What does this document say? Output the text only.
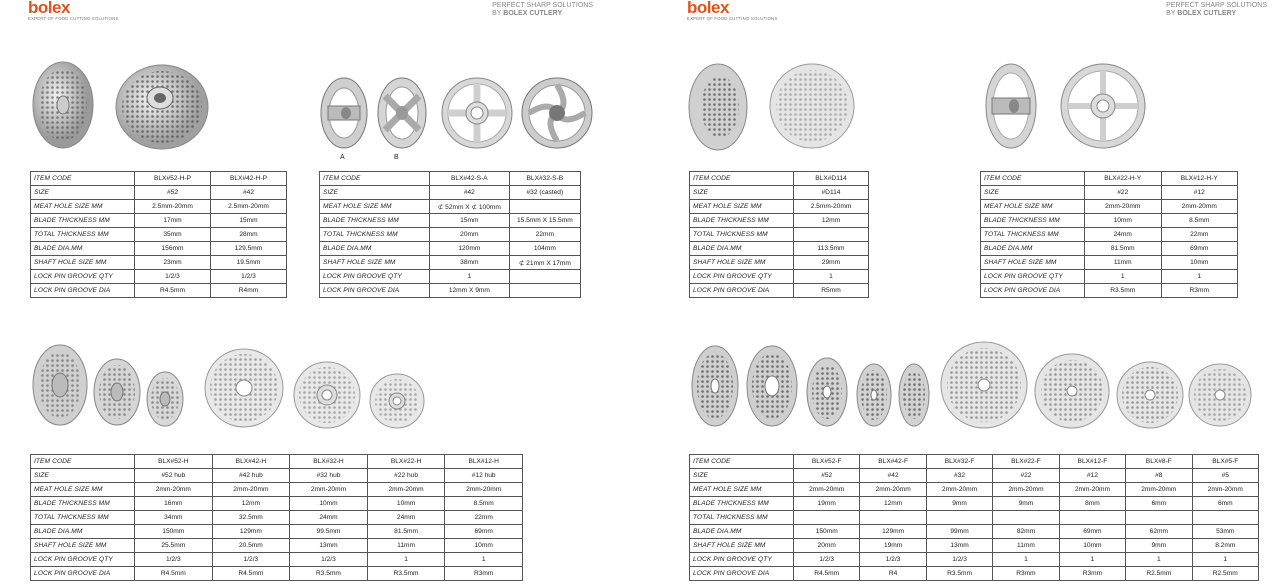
bolex
EXPERT OF FOOD CUTTING SOLUTIONS
PERFECT SHARP SOLUTIONS
BY BOLEX CUTLERY
A	B
ITEM CODE	BLX#52-H-P	BLX#42-H-P
SIZE	#52	#42
MEAT HOLE SIZE MM	2.5mm-20mm	2.5mm-20mm
BLADE THICKNESS MM	17mm	15mm
TOTAL THICKNESS MM	35mm	28mm
BLADE DIA.MM	156mm	129.5mm
SHAFT HOLE SIZE MM	23mm	19.5mm
LOCK PIN GROOVE QTY	1/2/3	1/2/3
LOCK PIN GROOVE DIA	R4.5mm	R4mm
ITEM CODE	BLX#42-S-A	BLX#32-S-B
SIZE	#42	#32 (casted)
MEAT HOLE SIZE MM	⊄ 52mm X ⊄ 100mm	
BLADE THICKNESS MM	15mm	15.5mm X 15.5mm
TOTAL THICKNESS MM	20mm	22mm
BLADE DIA.MM	120mm	104mm
SHAFT HOLE SIZE MM	38mm	⊄ 21mm X 17mm
LOCK PIN GROOVE QTY	1	
LOCK PIN GROOVE DIA	12mm X 9mm	
ITEM CODE	BLX#52-H	BLX#42-H	BLX#32-H	BLX#22-H	BLX#12-H
SIZE	#52 hub	#42 hub	#32 hub	#22 hub	#12 hub
MEAT HOLE SIZE MM	2mm-20mm	2mm-20mm	2mm-20mm	2mm-20mm	2mm-20mm
BLADE THICKNESS MM	16mm	12mm	10mm	10mm	8.5mm
TOTAL THICKNESS MM	34mm	32.5mm	24mm	24mm	22mm
BLADE DIA.MM	150mm	129mm	99.5mm	81.5mm	69mm
SHAFT HOLE SIZE MM	25.5mm	20.5mm	13mm	11mm	10mm
LOCK PIN GROOVE QTY	1/2/3	1/2/3	1/2/3	1	1
LOCK PIN GROOVE DIA	R4.5mm	R4.5mm	R3.5mm	R3.5mm	R3mm
bolex
EXPERT OF FOOD CUTTING SOLUTIONS
PERFECT SHARP SOLUTIONS
BY BOLEX CUTLERY
ITEM CODE	BLX#D114
SIZE	#D114
MEAT HOLE SIZE MM	2.5mm-20mm
BLADE THICKNESS MM	12mm
TOTAL THICKNESS MM	
BLADE DIA.MM	113.5mm
SHAFT HOLE SIZE MM	29mm
LOCK PIN GROOVE QTY	1
LOCK PIN GROOVE DIA	R5mm
ITEM CODE	BLX#22-H-Y	BLX#12-H-Y
SIZE	#22	#12
MEAT HOLE SIZE MM	2mm-20mm	2mm-20mm
BLADE THICKNESS MM	10mm	8.5mm
TOTAL THICKNESS MM	24mm	22mm
BLADE DIA.MM	81.5mm	69mm
SHAFT HOLE SIZE MM	11mm	10mm
LOCK PIN GROOVE QTY	1	1
LOCK PIN GROOVE DIA	R3.5mm	R3mm
ITEM CODE	BLX#52-F	BLX#42-F	BLX#32-F	BLX#22-F	BLX#12-F	BLX#8-F	BLX#5-F
SIZE	#52	#42	#32	#22	#12	#8	#5
MEAT HOLE SIZE MM	2mm-20mm	2mm-20mm	2mm-20mm	2mm-20mm	2mm-20mm	2mm-20mm	2mm-20mm
BLADE THICKNESS MM	19mm	12mm	9mm	9mm	8mm	6mm	6mm
TOTAL THICKNESS MM							
BLADE DIA.MM	150mm	129mm	99mm	82mm	69mm	62mm	53mm
SHAFT HOLE SIZE MM	20mm	19mm	13mm	11mm	10mm	9mm	8.2mm
LOCK PIN GROOVE QTY	1/2/3	1/2/3	1/2/3	1	1	1	1
LOCK PIN GROOVE DIA	R4.5mm	R4	R3.5mm	R3mm	R3mm	R2.5mm	R2.5mm
